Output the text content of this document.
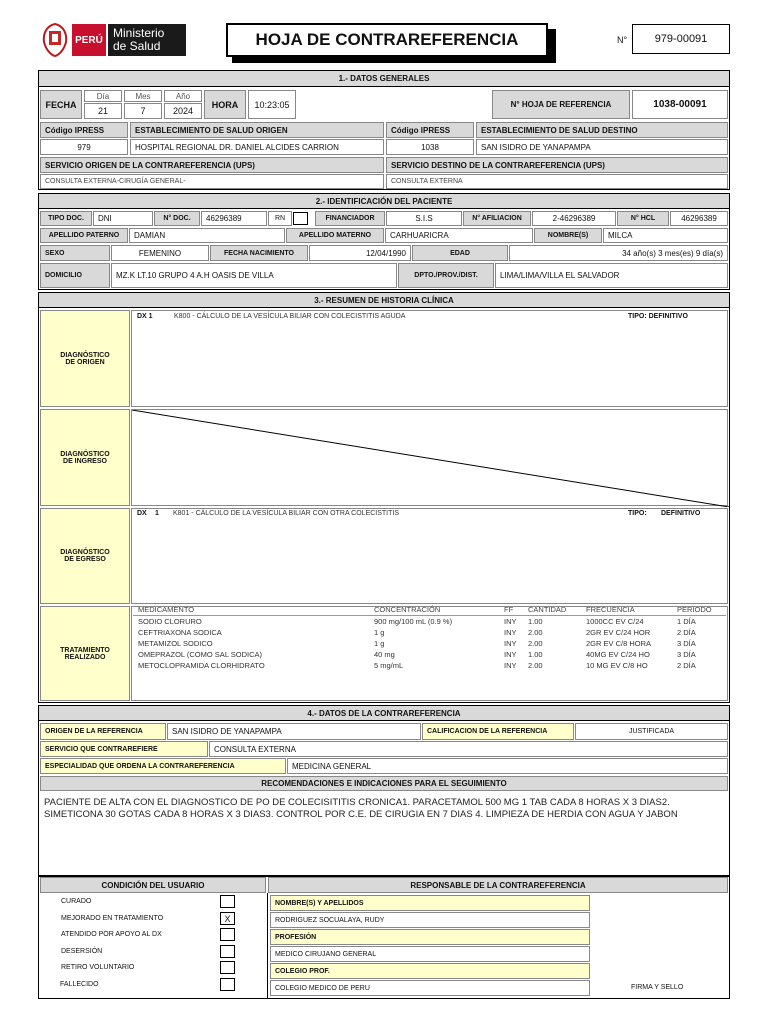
PERÚ Ministerio
de Salud	HOJA DE CONTRAREFERENCIA	N°	979-00091
1.- DATOS GENERALES
FECHA
Día	Mes	Año
21	7	2024
HORA	10:23:05	N° HOJA DE REFERENCIA	1038-00091
Código IPRESS	ESTABLECIMIENTO DE SALUD ORIGEN	Código IPRESS	ESTABLECIMIENTO DE SALUD DESTINO
979	HOSPITAL REGIONAL DR. DANIEL ALCIDES CARRION	1038	SAN ISIDRO DE YANAPAMPA
SERVICIO ORIGEN DE LA CONTRAREFERENCIA (UPS)	SERVICIO DESTINO DE LA CONTRAREFERENCIA (UPS)
CONSULTA EXTERNA-CIRUGÍA GENERAL-	CONSULTA EXTERNA
2.- IDENTIFICACIÓN DEL PACIENTE
TIPO DOC.	DNI	N° DOC.	46296389	RN	FINANCIADOR	S.I.S	N° AFILIACION	2-46296389	N° HCL	46296389
APELLIDO PATERNO	DAMIAN	APELLIDO MATERNO	CARHUARICRA	NOMBRE(S)	MILCA
SEXO	FEMENINO	FECHA NACIMIENTO	12/04/1990	EDAD	34 año(s) 3 mes(es) 9 día(s)
DOMICILIO	MZ.K LT.10 GRUPO 4 A.H OASIS DE VILLA	DPTO./PROV./DIST.	LIMA/LIMA/VILLA EL SALVADOR
3.- RESUMEN DE HISTORIA CLÍNICA
DIAGNÓSTICO DE ORIGEN
DX 1	K800 - CÁLCULO DE LA VESÍCULA BILIAR CON COLECISTITIS AGUDA	TIPO: DEFINITIVO
DIAGNÓSTICO DE INGRESO
DIAGNÓSTICO DE EGRESO
DX 1 K801 - CÁLCULO DE LA VESÍCULA BILIAR CON OTRA COLECISTITIS	TIPO: DEFINITIVO
TRATAMIENTO REALIZADO
MEDICAMENTO	CONCENTRACIÓN	FF CANTIDAD	FRECUENCIA	PERIODO
SODIO CLORURO	900 mg/100 mL (0.9 %)	INY 1.00	1000CC EV C/24	1 DÍA
CEFTRIAXONA SODICA	1 g	INY 2.00	2GR EV C/24 HOR	2 DÍA
METAMIZOL SODICO	1 g	INY 2.00	2GR EV C/8 HORA	3 DÍA
OMEPRAZOL (COMO SAL SODICA)	40 mg	INY 1.00	40MG EV C/24 HO	3 DÍA
METOCLOPRAMIDA CLORHIDRATO	5 mg/mL	INY 2.00	10 MG EV C/8 HO	2 DÍA
4.- DATOS DE LA CONTRAREFERENCIA
ORIGEN DE LA REFERENCIA	SAN ISIDRO DE YANAPAMPA	CALIFICACION DE LA REFERENCIA	JUSTIFICADA
SERVICIO QUE CONTRAREFIERE	CONSULTA EXTERNA
ESPECIALIDAD QUE ORDENA LA CONTRAREFERENCIA	MEDICINA GENERAL
RECOMENDACIONES E INDICACIONES PARA EL SEGUIMIENTO
PACIENTE DE ALTA CON EL DIAGNOSTICO DE PO DE COLECISITITIS CRONICA1. PARACETAMOL 500 MG 1 TAB CADA 8 HORAS X 3 DIAS2. SIMETICONA 30 GOTAS CADA 8 HORAS X 3 DIAS3. CONTROL POR C.E. DE CIRUGIA EN 7 DIAS 4. LIMPIEZA DE HERDIA CON AGUA Y JABON
CONDICIÓN DEL USUARIO	RESPONSABLE DE LA CONTRAREFERENCIA
CURADO
MEJORADO EN TRATAMIENTO	X
ATENDIDO POR APOYO AL DX
DESERSIÓN
RETIRO VOLUNTARIO
FALLECIDO
NOMBRE(S) Y APELLIDOS
RODRIGUEZ SOCUALAYA, RUDY
PROFESIÓN
MEDICO CIRUJANO GENERAL
COLEGIO PROF.
COLEGIO MEDICO DE PERU	FIRMA Y SELLO
